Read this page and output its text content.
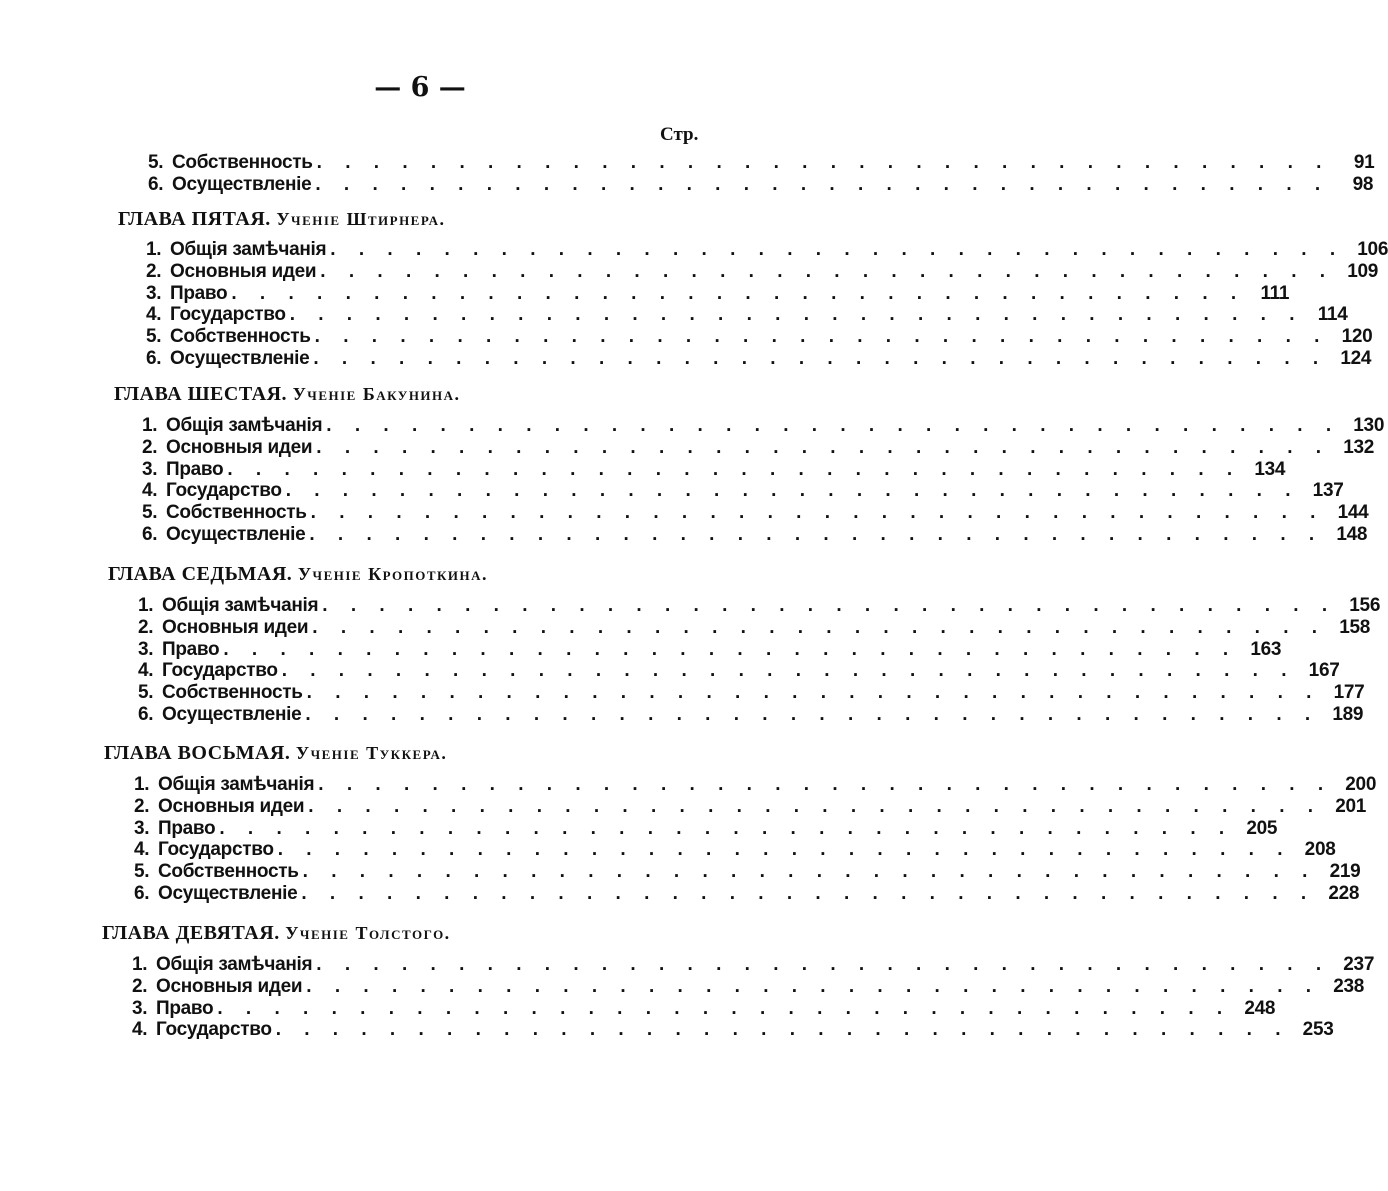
— 6 —
Стр.
5. Собственность . . . . . . . . . . . . . . . . . . . . . . . . . . . . . . . . . . . .	91
6. Осуществленіе . . . . . . . . . . . . . . . . . . . . . . . . . . . . . . . . . . . .	98
ГЛАВА ПЯТАЯ. Ученіе Штирнера.
1. Общія замѣчанія . . . . . . . . . . . . . . . . . . . . . . . . . . . . . . . . . . . . 106
2. Основныя идеи . . . . . . . . . . . . . . . . . . . . . . . . . . . . . . . . . . . . 109
3. Право . . . . . . . . . . . . . . . . . . . . . . . . . . . . . . . . . . . . 111
4. Государство . . . . . . . . . . . . . . . . . . . . . . . . . . . . . . . . . . . . 114
5. Собственность . . . . . . . . . . . . . . . . . . . . . . . . . . . . . . . . . . . . 120
6. Осуществленіе . . . . . . . . . . . . . . . . . . . . . . . . . . . . . . . . . . . . 124
ГЛАВА ШЕСТАЯ. Ученіе Бакунина.
1. Общія замѣчанія . . . . . . . . . . . . . . . . . . . . . . . . . . . . . . . . . . . . 130
2. Основныя идеи . . . . . . . . . . . . . . . . . . . . . . . . . . . . . . . . . . . . 132
3. Право . . . . . . . . . . . . . . . . . . . . . . . . . . . . . . . . . . . . 134
4. Государство . . . . . . . . . . . . . . . . . . . . . . . . . . . . . . . . . . . . 137
5. Собственность . . . . . . . . . . . . . . . . . . . . . . . . . . . . . . . . . . . . 144
6. Осуществленіе . . . . . . . . . . . . . . . . . . . . . . . . . . . . . . . . . . . . 148
ГЛАВА СЕДЬМАЯ. Ученіе Кропоткина.
1. Общія замѣчанія . . . . . . . . . . . . . . . . . . . . . . . . . . . . . . . . . . . . 156
2. Основныя идеи . . . . . . . . . . . . . . . . . . . . . . . . . . . . . . . . . . . . 158
3. Право . . . . . . . . . . . . . . . . . . . . . . . . . . . . . . . . . . . . 163
4. Государство . . . . . . . . . . . . . . . . . . . . . . . . . . . . . . . . . . . . 167
5. Собственность . . . . . . . . . . . . . . . . . . . . . . . . . . . . . . . . . . . . 177
6. Осуществленіе . . . . . . . . . . . . . . . . . . . . . . . . . . . . . . . . . . . . 189
ГЛАВА ВОСЬМАЯ. Ученіе Туккера.
1. Общія замѣчанія . . . . . . . . . . . . . . . . . . . . . . . . . . . . . . . . . . . . 200
2. Основныя идеи . . . . . . . . . . . . . . . . . . . . . . . . . . . . . . . . . . . . 201
3. Право . . . . . . . . . . . . . . . . . . . . . . . . . . . . . . . . . . . . 205
4. Государство . . . . . . . . . . . . . . . . . . . . . . . . . . . . . . . . . . . . 208
5. Собственность . . . . . . . . . . . . . . . . . . . . . . . . . . . . . . . . . . . . 219
6. Осуществленіе . . . . . . . . . . . . . . . . . . . . . . . . . . . . . . . . . . . . 228
ГЛАВА ДЕВЯТАЯ. Ученіе Толстого.
1. Общія замѣчанія . . . . . . . . . . . . . . . . . . . . . . . . . . . . . . . . . . . . 237
2. Основныя идеи . . . . . . . . . . . . . . . . . . . . . . . . . . . . . . . . . . . . 238
3. Право . . . . . . . . . . . . . . . . . . . . . . . . . . . . . . . . . . . . 248
4. Государство . . . . . . . . . . . . . . . . . . . . . . . . . . . . . . . . . . . . 253
